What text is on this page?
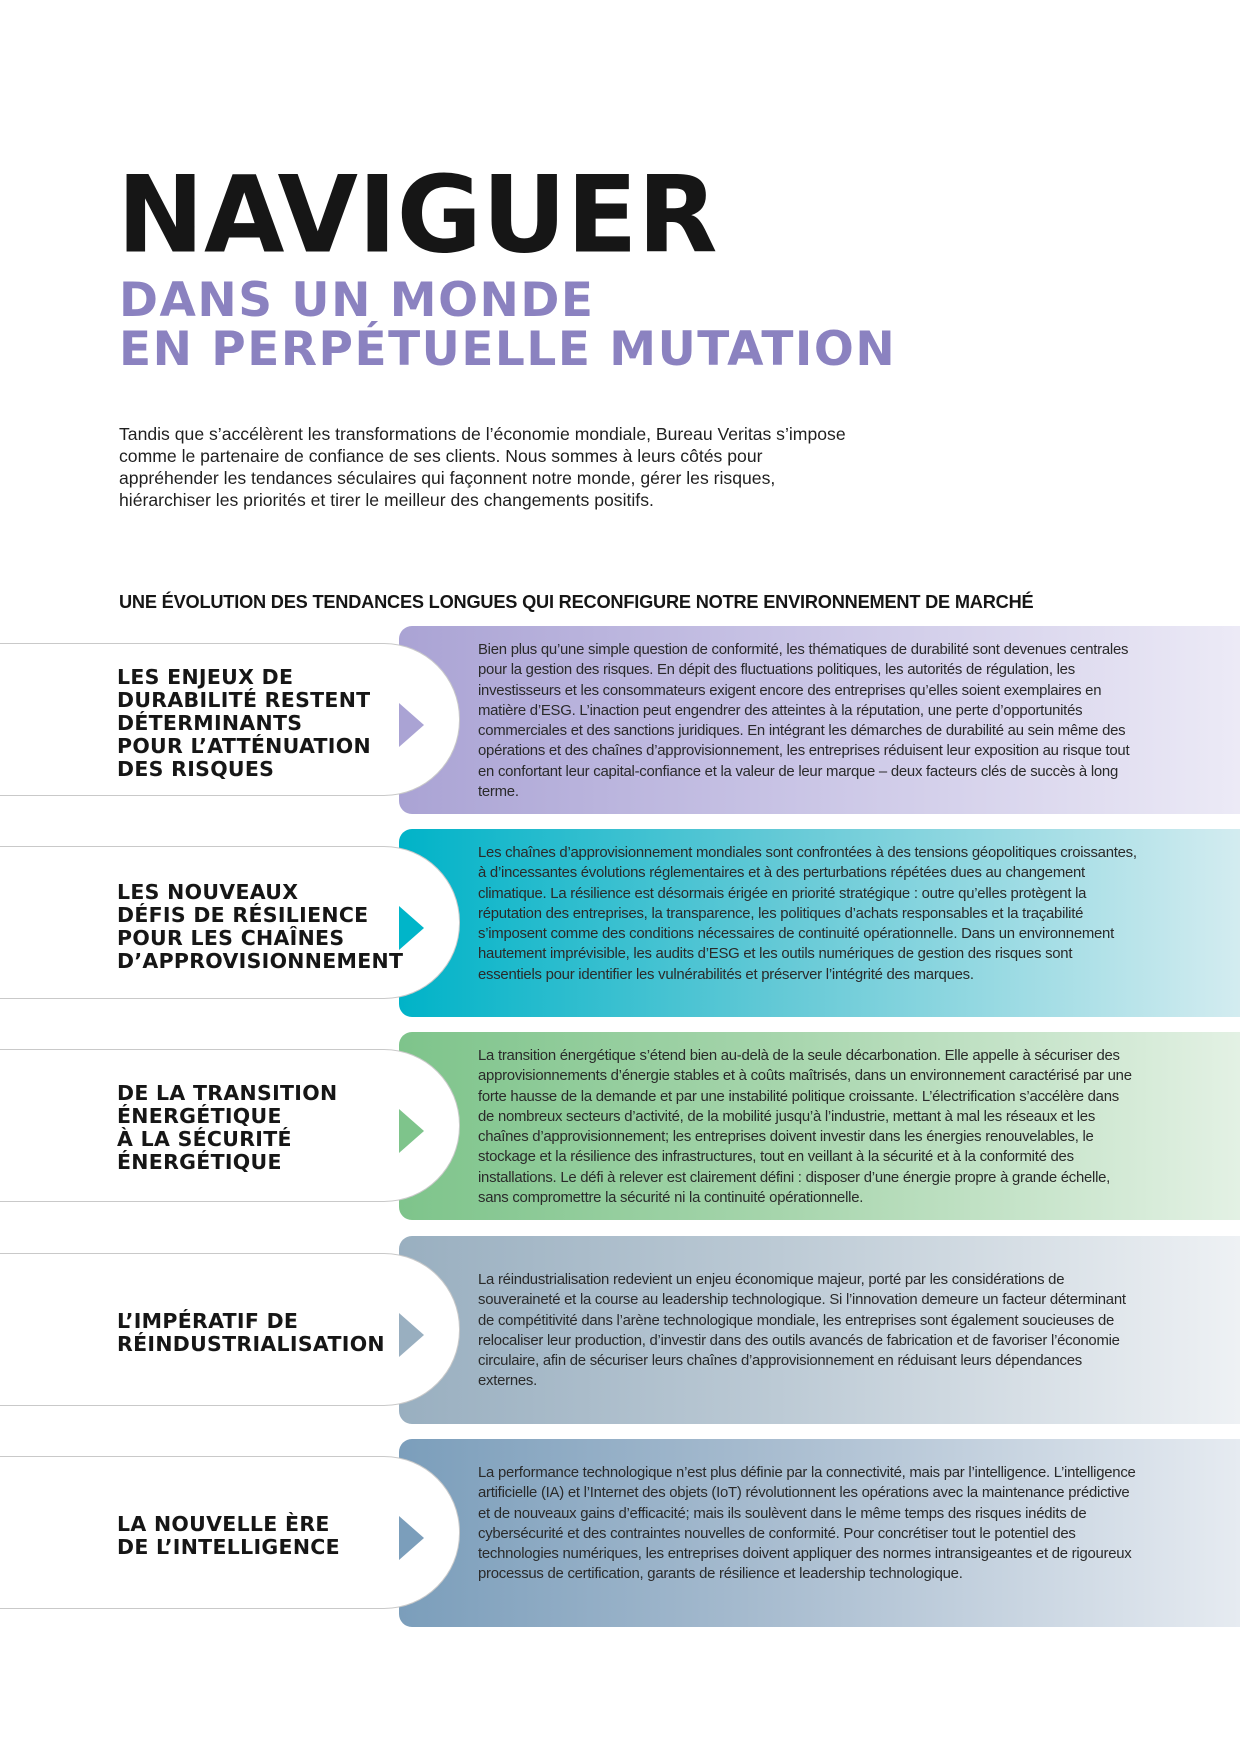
NAVIGUER
DANS UN MONDE
EN PERPÉTUELLE MUTATION

Tandis que s’accélèrent les transformations de l’économie mondiale, Bureau Veritas s’impose comme le partenaire de confiance de ses clients. Nous sommes à leurs côtés pour appréhender les tendances séculaires qui façonnent notre monde, gérer les risques, hiérarchiser les priorités et tirer le meilleur des changements positifs.

UNE ÉVOLUTION DES TENDANCES LONGUES QUI RECONFIGURE NOTRE ENVIRONNEMENT DE MARCHÉ

Bien plus qu’une simple question de conformité, les thématiques de durabilité sont devenues centrales pour la gestion des risques. En dépit des fluctuations politiques, les autorités de régulation, les investisseurs et les consommateurs exigent encore des entreprises qu’elles soient exemplaires en matière d’ESG. L’inaction peut engendrer des atteintes à la réputation, une perte d’opportunités commerciales et des sanctions juridiques. En intégrant les démarches de durabilité au sein même des opérations et des chaînes d’approvisionnement, les entreprises réduisent leur exposition au risque tout en confortant leur capital-confiance et la valeur de leur marque – deux facteurs clés de succès à long terme.

LES ENJEUX DE
DURABILITÉ RESTENT
DÉTERMINANTS
POUR L’ATTÉNUATION
DES RISQUES

Les chaînes d’approvisionnement mondiales sont confrontées à des tensions géopolitiques croissantes, à d’incessantes évolutions réglementaires et à des perturbations répétées dues au changement climatique. La résilience est désormais érigée en priorité stratégique : outre qu’elles protègent la réputation des entreprises, la transparence, les politiques d’achats responsables et la traçabilité s’imposent comme des conditions nécessaires de continuité opérationnelle. Dans un environnement hautement imprévisible, les audits d’ESG et les outils numériques de gestion des risques sont essentiels pour identifier les vulnérabilités et préserver l’intégrité des marques.

LES NOUVEAUX
DÉFIS DE RÉSILIENCE
POUR LES CHAÎNES
D’APPROVISIONNEMENT

La transition énergétique s’étend bien au-delà de la seule décarbonation. Elle appelle à sécuriser des approvisionnements d’énergie stables et à coûts maîtrisés, dans un environnement caractérisé par une forte hausse de la demande et par une instabilité politique croissante. L’électrification s’accélère dans de nombreux secteurs d’activité, de la mobilité jusqu’à l’industrie, mettant à mal les réseaux et les chaînes d’approvisionnement; les entreprises doivent investir dans les énergies renouvelables, le stockage et la résilience des infrastructures, tout en veillant à la sécurité et à la conformité des installations. Le défi à relever est clairement défini : disposer d’une énergie propre à grande échelle, sans compromettre la sécurité ni la continuité opérationnelle.

DE LA TRANSITION
ÉNERGÉTIQUE
À LA SÉCURITÉ
ÉNERGÉTIQUE

La réindustrialisation redevient un enjeu économique majeur, porté par les considérations de souveraineté et la course au leadership technologique. Si l’innovation demeure un facteur déterminant de compétitivité dans l’arène technologique mondiale, les entreprises sont également soucieuses de relocaliser leur production, d’investir dans des outils avancés de fabrication et de favoriser l’économie circulaire, afin de sécuriser leurs chaînes d’approvisionnement en réduisant leurs dépendances externes.

L’IMPÉRATIF DE
RÉINDUSTRIALISATION

La performance technologique n’est plus définie par la connectivité, mais par l’intelligence. L’intelligence artificielle (IA) et l’Internet des objets (IoT) révolutionnent les opérations avec la maintenance prédictive et de nouveaux gains d’efficacité; mais ils soulèvent dans le même temps des risques inédits de cybersécurité et des contraintes nouvelles de conformité. Pour concrétiser tout le potentiel des technologies numériques, les entreprises doivent appliquer des normes intransigeantes et de rigoureux processus de certification, garants de résilience et leadership technologique.

LA NOUVELLE ÈRE
DE L’INTELLIGENCE
